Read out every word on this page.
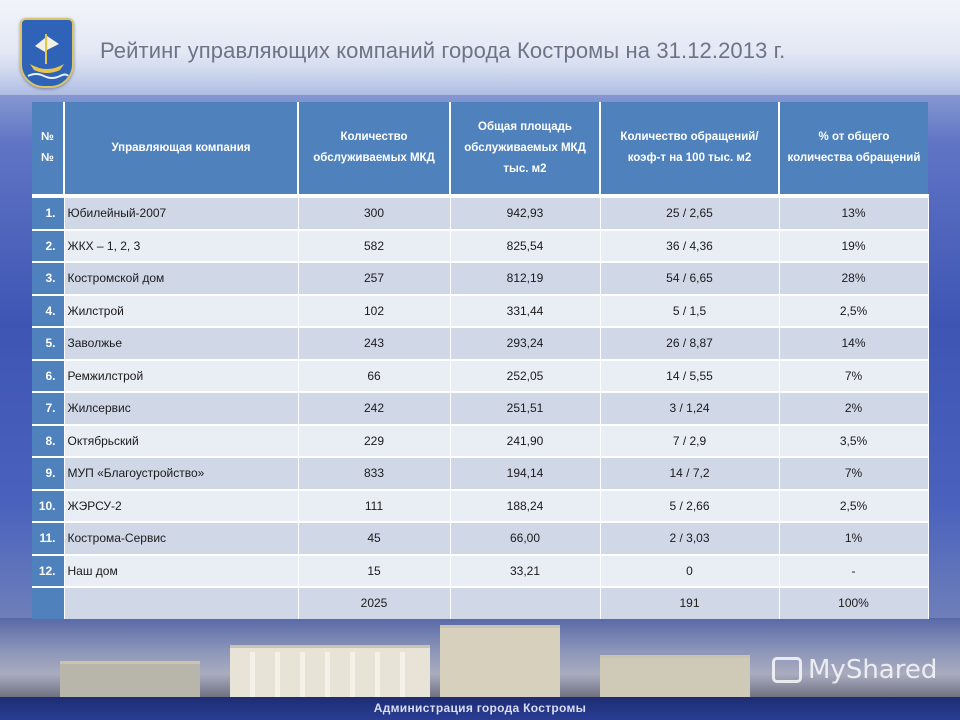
Рейтинг управляющих компаний города Костромы на 31.12.2013 г.
MyShared
Администрация города Костромы
№ №	Управляющая компания	Количество обслуживаемых МКД	Общая площадь обслуживаемых МКД тыс. м2	Количество обращений/ коэф-т на 100 тыс. м2	% от общего количества обращений
1.	Юбилейный-2007	300	942,93	25 / 2,65	13%
2.	ЖКХ – 1, 2, 3	582	825,54	36 / 4,36	19%
3.	Костромской дом	257	812,19	54 / 6,65	28%
4.	Жилстрой	102	331,44	5 / 1,5	2,5%
5.	Заволжье	243	293,24	26 / 8,87	14%
6.	Ремжилстрой	66	252,05	14 / 5,55	7%
7.	Жилсервис	242	251,51	3 / 1,24	2%
8.	Октябрьский	229	241,90	7 / 2,9	3,5%
9.	МУП «Благоустройство»	833	194,14	14 / 7,2	7%
10.	ЖЭРСУ-2	111	188,24	5 / 2,66	2,5%
11.	Кострома-Сервис	45	66,00	2 / 3,03	1%
12.	Наш дом	15	33,21	0	-
		2025		191	100%
